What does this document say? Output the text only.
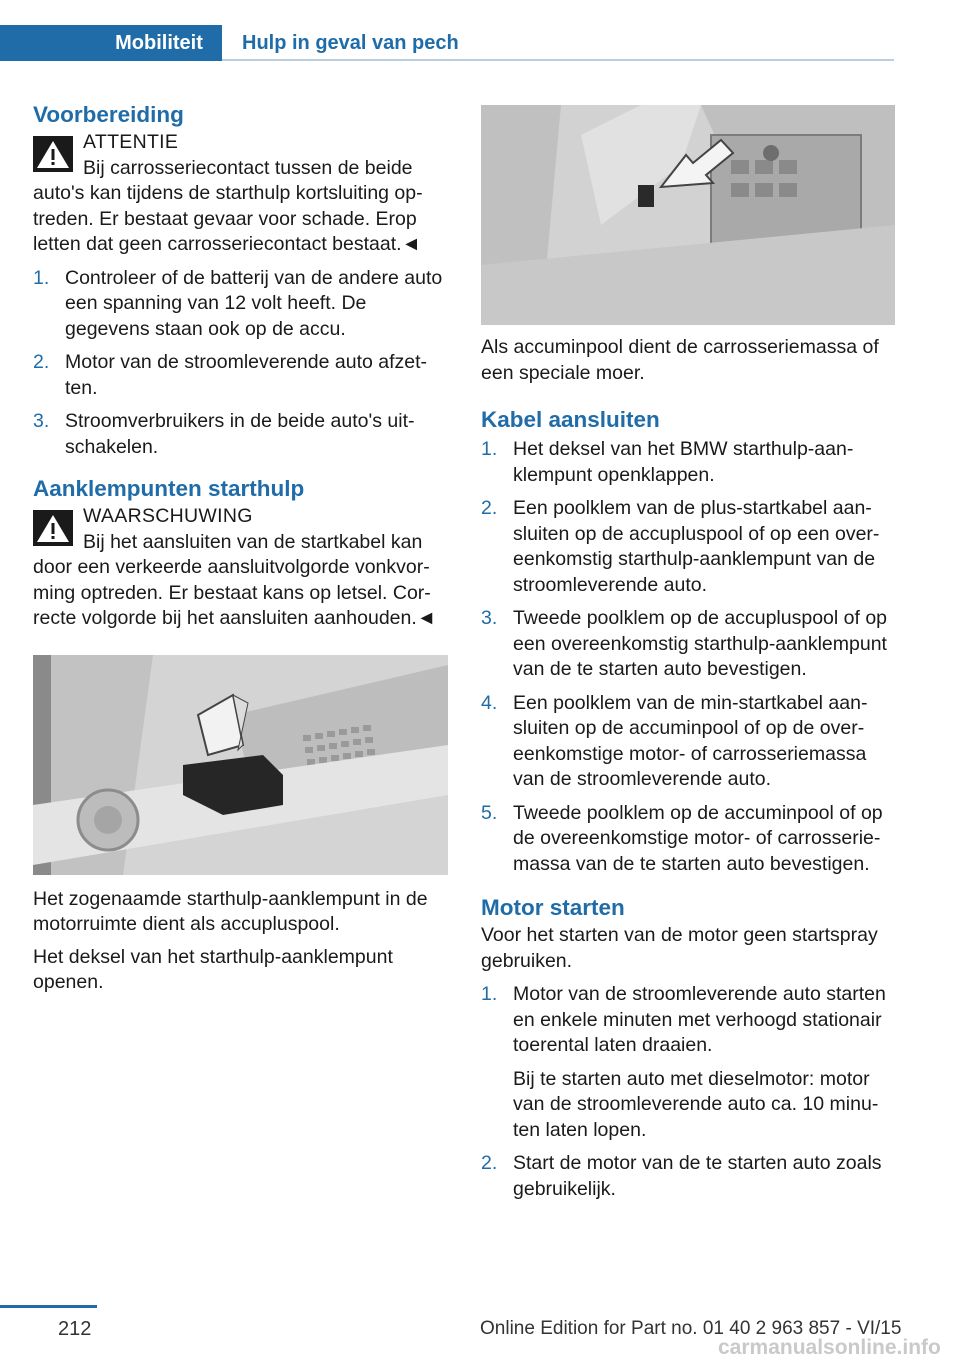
Mobiliteit	Hulp in geval van pech
Voorbereiding
ATTENTIE
Bij carrosseriecontact tussen de beide auto's kan tijdens de starthulp kortsluiting optreden. Er bestaat gevaar voor schade. Erop letten dat geen carrosseriecontact bestaat.◄
1. Controleer of de batterij van de andere auto een spanning van 12 volt heeft. De gegevens staan ook op de accu.
2. Motor van de stroomleverende auto afzetten.
3. Stroomverbruikers in de beide auto's uitschakelen.
Aanklempunten starthulp
WAARSCHUWING
Bij het aansluiten van de startkabel kan door een verkeerde aansluitvolgorde vonkvorming optreden. Er bestaat kans op letsel. Correcte volgorde bij het aansluiten aanhouden.◄

Het zogenaamde starthulp-aanklempunt in de motorruimte dient als accupluspool.

Het deksel van het starthulp-aanklempunt openen.

Als accuminpool dient de carrosseriemassa of een speciale moer.

Kabel aansluiten
1. Het deksel van het BMW starthulp-aanklempunt openklappen.
2. Een poolklem van de plus-startkabel aansluiten op de accupluspool of op een overeenkomstig starthulp-aanklempunt van de stroomleverende auto.
3. Tweede poolklem op de accupluspool of op een overeenkomstig starthulp-aanklempunt van de te starten auto bevestigen.
4. Een poolklem van de min-startkabel aansluiten op de accuminpool of op de overeenkomstige motor- of carrosseriemassa van de stroomleverende auto.
5. Tweede poolklem op de accuminpool of op de overeenkomstige motor- of carrosseriemassa van de te starten auto bevestigen.
Motor starten

Voor het starten van de motor geen startspray gebruiken.

1. Motor van de stroomleverende auto starten en enkele minuten met verhoogd stationair toerental laten draaien.
Bij te starten auto met dieselmotor: motor van de stroomleverende auto ca. 10 minuten laten lopen.
2. Start de motor van de te starten auto zoals gebruikelijk.
212	Online Edition for Part no. 01 40 2 963 857 - VI/15
carmanualsonline.info
